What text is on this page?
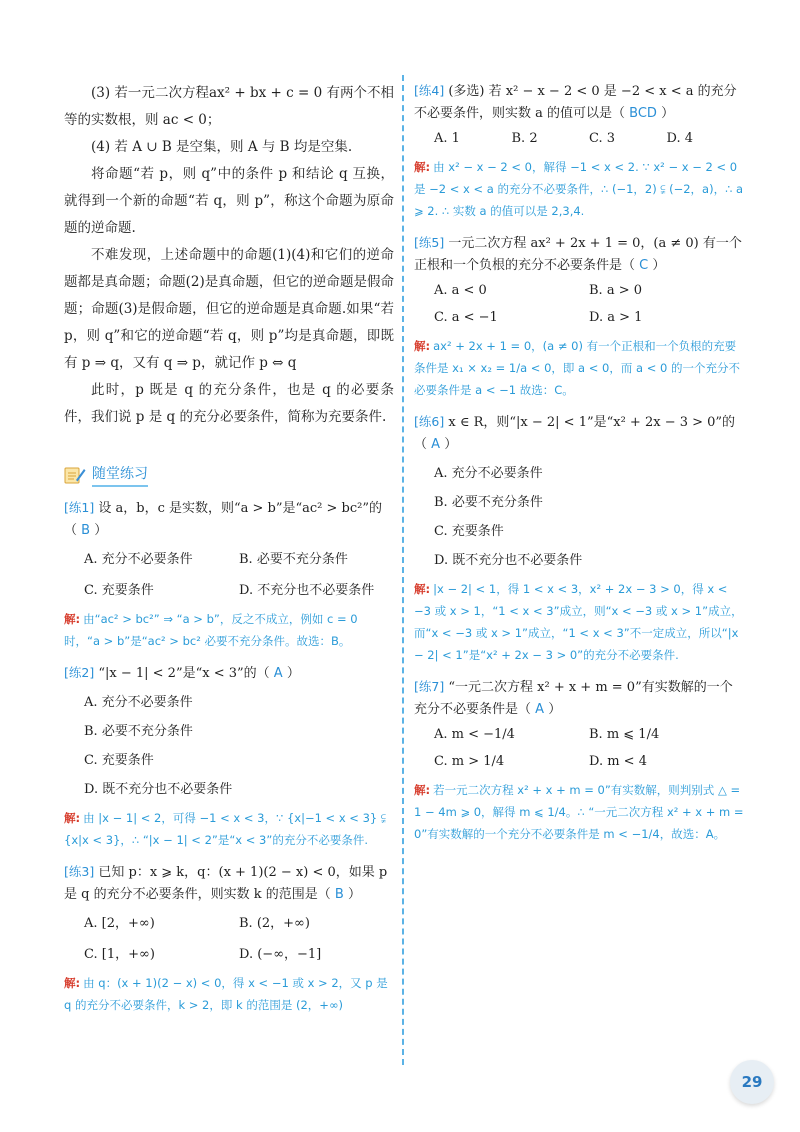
(3) 若一元二次方程ax² + bx + c = 0 有两个不相等的实数根，则 ac < 0；

(4) 若 A ∪ B 是空集，则 A 与 B 均是空集.

将命题“若 p，则 q”中的条件 p 和结论 q 互换，就得到一个新的命题“若 q，则 p”，称这个命题为原命题的逆命题.

不难发现，上述命题中的命题(1)(4)和它们的逆命题都是真命题；命题(2)是真命题，但它的逆命题是假命题；命题(3)是假命题，但它的逆命题是真命题.如果“若 p，则 q”和它的逆命题“若 q，则 p”均是真命题，即既有 p ⇒ q，又有 q ⇒ p，就记作 p ⇔ q

此时，p 既是 q 的充分条件，也是 q 的必要条件，我们说 p 是 q 的充分必要条件，简称为充要条件.

随堂练习

[练1] 设 a，b，c 是实数，则“a > b”是“ac² > bc²”的（ B ）

A. 充分不必要条件	B. 必要不充分条件
C. 充要条件	D. 不充分也不必要条件

解: 由“ac² > bc²” ⇒ “a > b”，反之不成立，例如 c = 0 时，“a > b”是“ac² > bc² 必要不充分条件。故选：B。

[练2] “|x − 1| < 2”是“x < 3”的（ A ）

A. 充分不必要条件
B. 必要不充分条件
C. 充要条件
D. 既不充分也不必要条件

解: 由 |x − 1| < 2，可得 −1 < x < 3，∵ {x|−1 < x < 3} ⫋ {x|x < 3}，∴ “|x − 1| < 2”是“x < 3”的充分不必要条件.

[练3] 已知 p：x ⩾ k，q：(x + 1)(2 − x) < 0，如果 p 是 q 的充分不必要条件，则实数 k 的范围是（ B ）

A. [2，+∞)	B. (2，+∞)
C. [1，+∞)	D. (−∞，−1]

解: 由 q：(x + 1)(2 − x) < 0，得 x < −1 或 x > 2，又 p 是 q 的充分不必要条件，k > 2，即 k 的范围是 (2，+∞)

[练4] (多选) 若 x² − x − 2 < 0 是 −2 < x < a 的充分不必要条件，则实数 a 的值可以是（ BCD ）

A. 1	B. 2	C. 3	D. 4

解: 由 x² − x − 2 < 0，解得 −1 < x < 2. ∵ x² − x − 2 < 0 是 −2 < x < a 的充分不必要条件，∴ (−1，2) ⫋ (−2，a)，∴ a ⩾ 2. ∴ 实数 a 的值可以是 2,3,4.

[练5] 一元二次方程 ax² + 2x + 1 = 0，(a ≠ 0) 有一个正根和一个负根的充分不必要条件是（ C ）

A. a < 0	B. a > 0
C. a < −1	D. a > 1

解: ax² + 2x + 1 = 0，(a ≠ 0) 有一个正根和一个负根的充要条件是 x₁ × x₂ = 1/a < 0，即 a < 0，而 a < 0 的一个充分不必要条件是 a < −1 故选：C。

[练6] x ∈ R，则“|x − 2| < 1”是“x² + 2x − 3 > 0”的（ A ）

A. 充分不必要条件
B. 必要不充分条件
C. 充要条件
D. 既不充分也不必要条件

解: |x − 2| < 1，得 1 < x < 3，x² + 2x − 3 > 0，得 x < −3 或 x > 1，“1 < x < 3”成立，则“x < −3 或 x > 1”成立，而“x < −3 或 x > 1”成立，“1 < x < 3”不一定成立，所以“|x − 2| < 1”是“x² + 2x − 3 > 0”的充分不必要条件.

[练7] “一元二次方程 x² + x + m = 0”有实数解的一个充分不必要条件是（ A ）

A. m < −1/4	B. m ⩽ 1/4
C. m > 1/4	D. m < 4

解: 若一元二次方程 x² + x + m = 0”有实数解，则判别式 △ = 1 − 4m ⩾ 0，解得 m ⩽ 1/4。∴ “一元二次方程 x² + x + m = 0”有实数解的一个充分不必要条件是 m < −1/4，故选：A。

29
